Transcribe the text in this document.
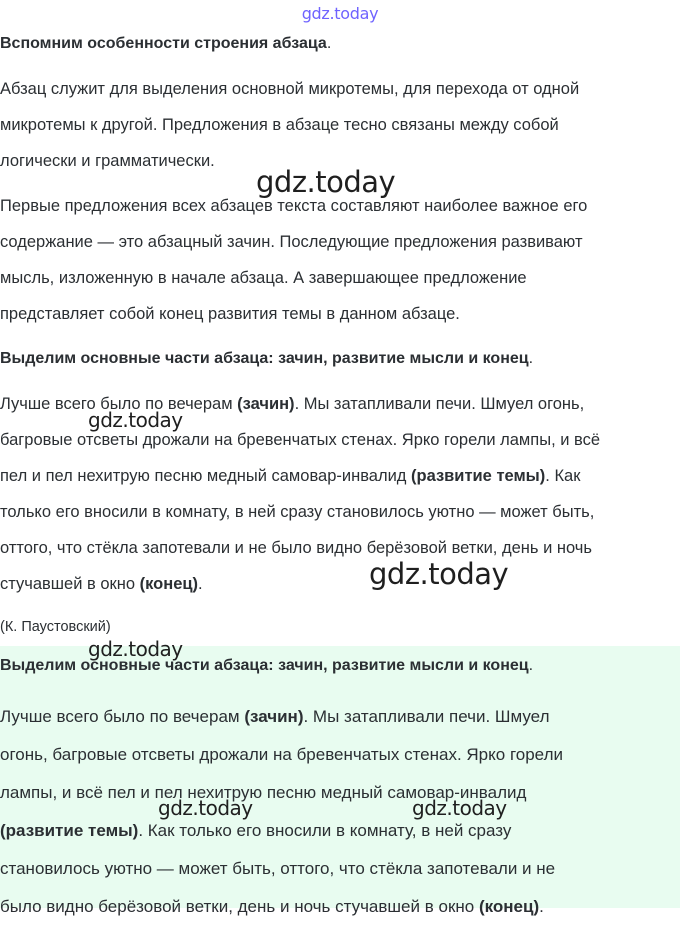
gdz.today
Вспомним особенности строения абзаца.
Абзац служит для выделения основной микротемы, для перехода от одной
микротемы к другой. Предложения в абзаце тесно связаны между собой
логически и грамматически.
Первые предложения всех абзацев текста составляют наиболее важное его
содержание — это абзацный зачин. Последующие предложения развивают
мысль, изложенную в начале абзаца. А завершающее предложение
представляет собой конец развития темы в данном абзаце.
Выделим основные части абзаца: зачин, развитие мысли и конец.
Лучше всего было по вечерам (зачин). Мы затапливали печи. Шмуел огонь,
багровые отсветы дрожали на бревенчатых стенах. Ярко горели лампы, и всё
пел и пел нехитрую песню медный самовар-инвалид (развитие темы). Как
только его вносили в комнату, в ней сразу становилось уютно — может быть,
оттого, что стёкла запотевали и не было видно берёзовой ветки, день и ночь
стучавшей в окно (конец).
(К. Паустовский)
Выделим основные части абзаца: зачин, развитие мысли и конец.
Лучше всего было по вечерам (зачин). Мы затапливали печи. Шмуел
огонь, багровые отсветы дрожали на бревенчатых стенах. Ярко горели
лампы, и всё пел и пел нехитрую песню медный самовар-инвалид
(развитие темы). Как только его вносили в комнату, в ней сразу
становилось уютно — может быть, оттого, что стёкла запотевали и не
было видно берёзовой ветки, день и ночь стучавшей в окно (конец).
gdz.today
gdz.today
gdz.today
gdz.today
gdz.today	gdz.today
